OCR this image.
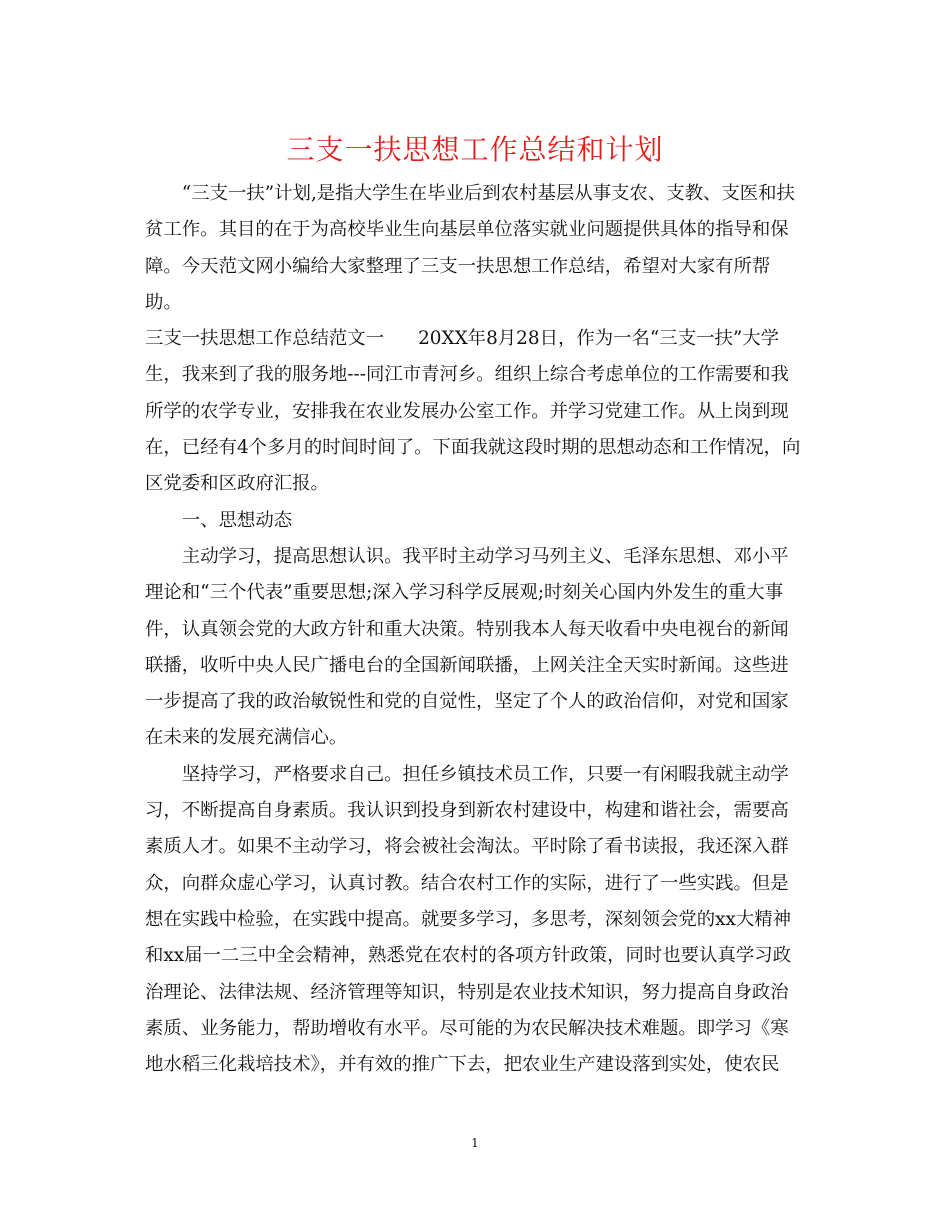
三支一扶思想工作总结和计划

“三支一扶”计划,是指大学生在毕业后到农村基层从事支农、支教、支医和扶贫工作。其目的在于为高校毕业生向基层单位落实就业问题提供具体的指导和保障。今天范文网小编给大家整理了三支一扶思想工作总结，希望对大家有所帮助。

三支一扶思想工作总结范文一 20XX年8月28日，作为一名“三支一扶”大学生，我来到了我的服务地---同江市青河乡。组织上综合考虑单位的工作需要和我所学的农学专业，安排我在农业发展办公室工作。并学习党建工作。从上岗到现在，已经有4个多月的时间时间了。下面我就这段时期的思想动态和工作情况，向区党委和区政府汇报。

一、思想动态

主动学习，提高思想认识。我平时主动学习马列主义、毛泽东思想、邓小平理论和“三个代表”重要思想;深入学习科学反展观;时刻关心国内外发生的重大事件，认真领会党的大政方针和重大决策。特别我本人每天收看中央电视台的新闻联播，收听中央人民广播电台的全国新闻联播，上网关注全天实时新闻。这些进一步提高了我的政治敏锐性和党的自觉性，坚定了个人的政治信仰，对党和国家在未来的发展充满信心。

坚持学习，严格要求自己。担任乡镇技术员工作，只要一有闲暇我就主动学习，不断提高自身素质。我认识到投身到新农村建设中，构建和谐社会，需要高素质人才。如果不主动学习，将会被社会淘汰。平时除了看书读报，我还深入群众，向群众虚心学习，认真讨教。结合农村工作的实际，进行了一些实践。但是想在实践中检验，在实践中提高。就要多学习，多思考，深刻领会党的xx大精神和xx届一二三中全会精神，熟悉党在农村的各项方针政策，同时也要认真学习政治理论、法律法规、经济管理等知识，特别是农业技术知识，努力提高自身政治素质、业务能力，帮助增收有水平。尽可能的为农民解决技术难题。即学习《寒地水稻三化栽培技术》，并有效的推广下去，把农业生产建设落到实处，使农民

1
